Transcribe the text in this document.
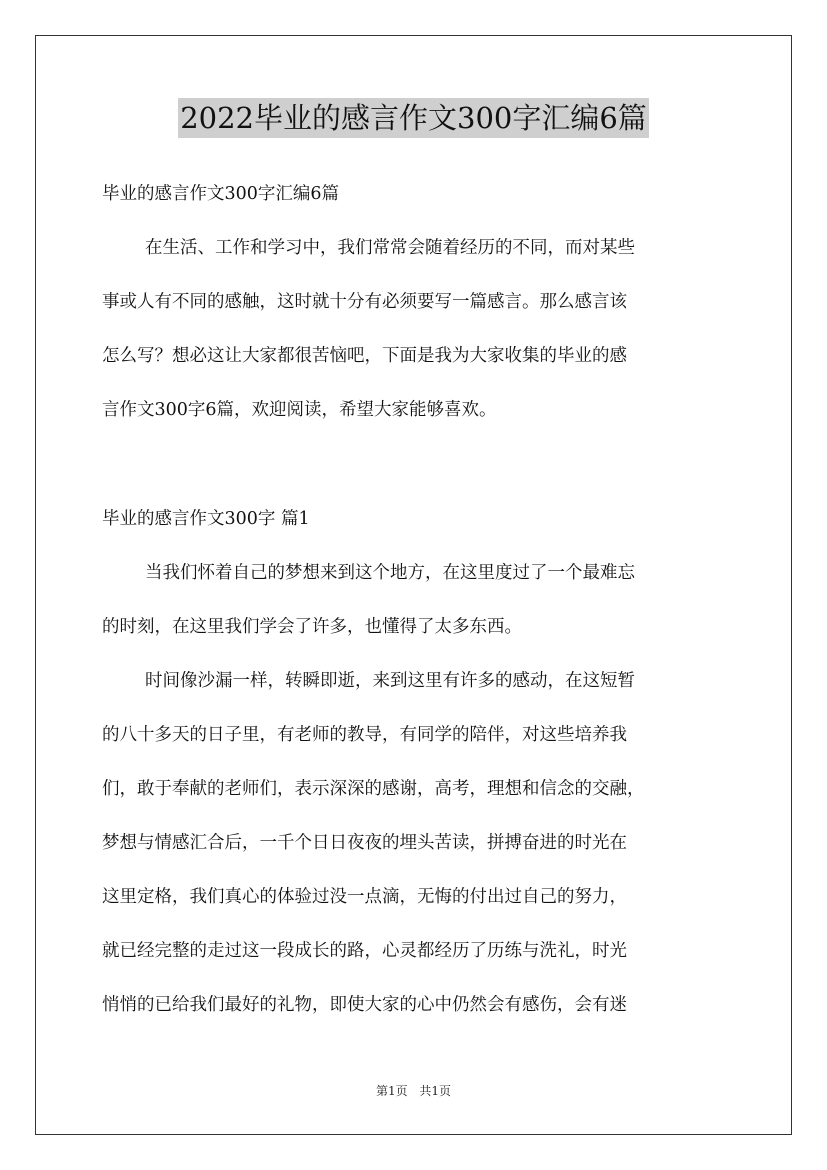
2022毕业的感言作文300字汇编6篇
毕业的感言作文300字汇编6篇
在生活、工作和学习中，我们常常会随着经历的不同，而对某些
事或人有不同的感触，这时就十分有必须要写一篇感言。那么感言该
怎么写？想必这让大家都很苦恼吧，下面是我为大家收集的毕业的感
言作文300字6篇，欢迎阅读，希望大家能够喜欢。
毕业的感言作文300字 篇1
当我们怀着自己的梦想来到这个地方，在这里度过了一个最难忘
的时刻，在这里我们学会了许多，也懂得了太多东西。
时间像沙漏一样，转瞬即逝，来到这里有许多的感动，在这短暂
的八十多天的日子里，有老师的教导，有同学的陪伴，对这些培养我
们，敢于奉献的老师们，表示深深的感谢，高考，理想和信念的交融，
梦想与情感汇合后，一千个日日夜夜的埋头苦读，拼搏奋进的时光在
这里定格，我们真心的体验过没一点滴，无悔的付出过自己的努力，
就已经完整的走过这一段成长的路，心灵都经历了历练与洗礼，时光
悄悄的已给我们最好的礼物，即使大家的心中仍然会有感伤，会有迷
第1页 共1页
